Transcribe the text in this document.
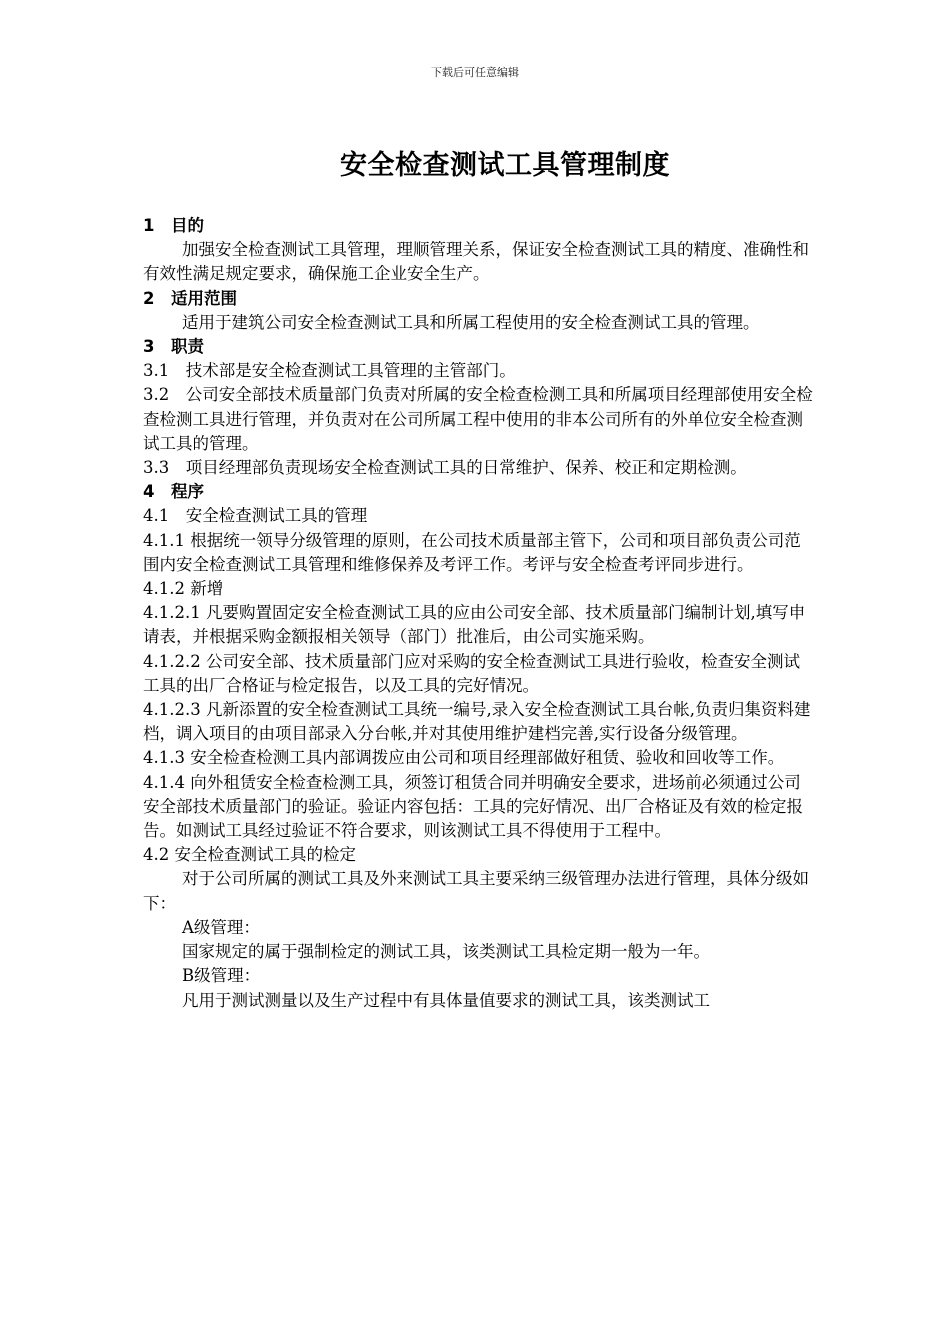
下载后可任意编辑
安全检查测试工具管理制度

1　目的

加强安全检查测试工具管理，理顺管理关系，保证安全检查测试工具的精度、准确性和有效性满足规定要求，确保施工企业安全生产。

2　适用范围

适用于建筑公司安全检查测试工具和所属工程使用的安全检查测试工具的管理。

3　职责

3.1　技术部是安全检查测试工具管理的主管部门。

3.2　公司安全部技术质量部门负责对所属的安全检查检测工具和所属项目经理部使用安全检查检测工具进行管理，并负责对在公司所属工程中使用的非本公司所有的外单位安全检查测试工具的管理。

3.3　项目经理部负责现场安全检查测试工具的日常维护、保养、校正和定期检测。

4　程序

4.1　安全检查测试工具的管理

4.1.1 根据统一领导分级管理的原则，在公司技术质量部主管下，公司和项目部负责公司范围内安全检查测试工具管理和维修保养及考评工作。考评与安全检查考评同步进行。

4.1.2 新增

4.1.2.1 凡要购置固定安全检查测试工具的应由公司安全部、技术质量部门编制计划,填写申请表，并根据采购金额报相关领导（部门）批准后，由公司实施采购。

4.1.2.2 公司安全部、技术质量部门应对采购的安全检查测试工具进行验收，检查安全测试工具的出厂合格证与检定报告，以及工具的完好情况。

4.1.2.3 凡新添置的安全检查测试工具统一编号,录入安全检查测试工具台帐,负责归集资料建档，调入项目的由项目部录入分台帐,并对其使用维护建档完善,实行设备分级管理。

4.1.3 安全检查检测工具内部调拨应由公司和项目经理部做好租赁、验收和回收等工作。

4.1.4 向外租赁安全检查检测工具，须签订租赁合同并明确安全要求，进场前必须通过公司安全部技术质量部门的验证。验证内容包括：工具的完好情况、出厂合格证及有效的检定报告。如测试工具经过验证不符合要求，则该测试工具不得使用于工程中。

4.2 安全检查测试工具的检定

对于公司所属的测试工具及外来测试工具主要采纳三级管理办法进行管理，具体分级如下：

A级管理：

国家规定的属于强制检定的测试工具，该类测试工具检定期一般为一年。

B级管理：

凡用于测试测量以及生产过程中有具体量值要求的测试工具，该类测试工
